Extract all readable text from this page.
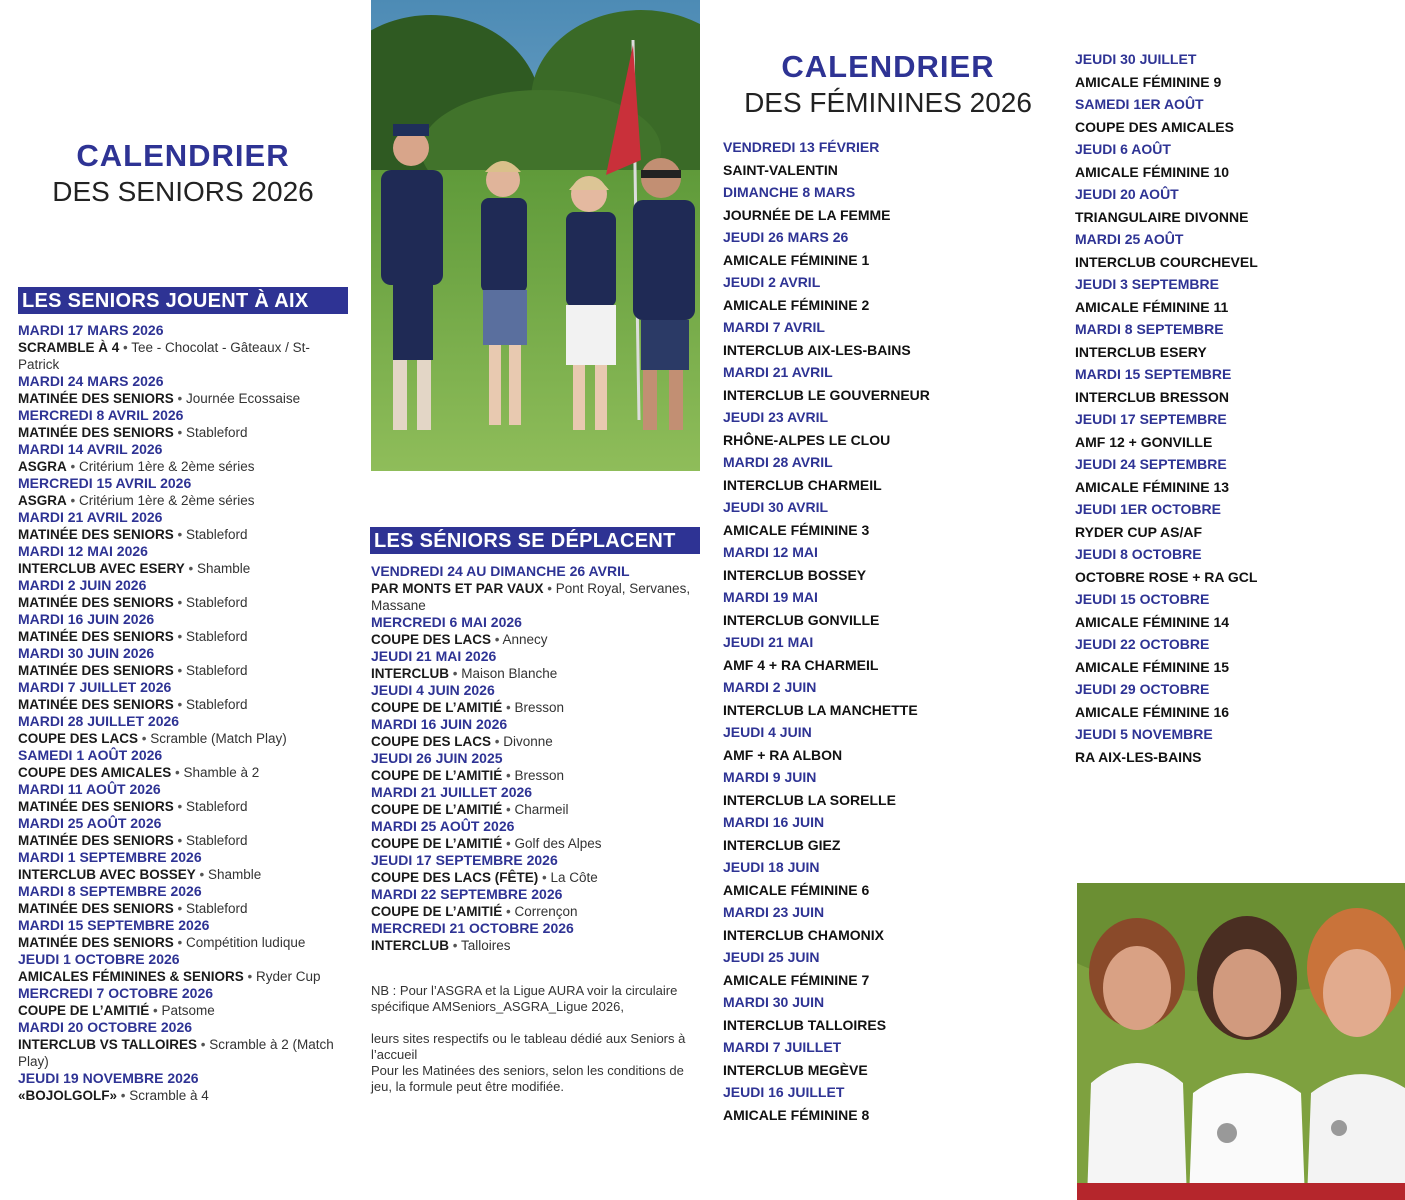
CALENDRIER
DES SENIORS 2026
LES SENIORS JOUENT À AIX
MARDI 17 MARS 2026
SCRAMBLE À 4 • Tee - Chocolat - Gâteaux / St-Patrick
MARDI 24 MARS 2026
MATINÉE DES SENIORS • Journée Ecossaise
MERCREDI 8 AVRIL 2026
MATINÉE DES SENIORS • Stableford
MARDI 14 AVRIL 2026
ASGRA • Critérium 1ère & 2ème séries
MERCREDI 15 AVRIL 2026
ASGRA • Critérium 1ère & 2ème séries
MARDI 21 AVRIL 2026
MATINÉE DES SENIORS • Stableford
MARDI 12 MAI 2026
INTERCLUB AVEC ESERY • Shamble
MARDI 2 JUIN 2026
MATINÉE DES SENIORS • Stableford
MARDI 16 JUIN 2026
MATINÉE DES SENIORS • Stableford
MARDI 30 JUIN 2026
MATINÉE DES SENIORS • Stableford
MARDI 7 JUILLET 2026
MATINÉE DES SENIORS • Stableford
MARDI 28 JUILLET 2026
COUPE DES LACS • Scramble (Match Play)
SAMEDI 1 AOÛT 2026
COUPE DES AMICALES • Shamble à 2
MARDI 11 AOÛT 2026
MATINÉE DES SENIORS • Stableford
MARDI 25 AOÛT 2026
MATINÉE DES SENIORS • Stableford
MARDI 1 SEPTEMBRE 2026
INTERCLUB AVEC BOSSEY • Shamble
MARDI 8 SEPTEMBRE 2026
MATINÉE DES SENIORS • Stableford
MARDI 15 SEPTEMBRE 2026
MATINÉE DES SENIORS • Compétition ludique
JEUDI 1 OCTOBRE 2026
AMICALES FÉMININES & SENIORS • Ryder Cup
MERCREDI 7 OCTOBRE 2026
COUPE DE L’AMITIÉ • Patsome
MARDI 20 OCTOBRE 2026
INTERCLUB VS TALLOIRES • Scramble à 2 (Match Play)
JEUDI 19 NOVEMBRE 2026
«BOJOLGOLF» • Scramble à 4
LES SÉNIORS SE DÉPLACENT
VENDREDI 24 AU DIMANCHE 26 AVRIL
PAR MONTS ET PAR VAUX • Pont Royal, Servanes, Massane
MERCREDI 6 MAI 2026
COUPE DES LACS • Annecy
JEUDI 21 MAI 2026
INTERCLUB • Maison Blanche
JEUDI 4 JUIN 2026
COUPE DE L’AMITIÉ • Bresson
MARDI 16 JUIN 2026
COUPE DES LACS • Divonne
JEUDI 26 JUIN 2025
COUPE DE L’AMITIÉ • Bresson
MARDI 21 JUILLET 2026
COUPE DE L’AMITIÉ • Charmeil
MARDI 25 AOÛT 2026
COUPE DE L’AMITIÉ • Golf des Alpes
JEUDI 17 SEPTEMBRE 2026
COUPE DES LACS (FÊTE) • La Côte
MARDI 22 SEPTEMBRE 2026
COUPE DE L’AMITIÉ • Corrençon
MERCREDI 21 OCTOBRE 2026
INTERCLUB • Talloires
NB : Pour l’ASGRA et la Ligue AURA voir la circulaire spécifique AMSeniors_ASGRA_Ligue 2026,
leurs sites respectifs ou le tableau dédié aux Seniors à l’accueil
Pour les Matinées des seniors, selon les conditions de jeu, la formule peut être modifiée.
CALENDRIER
DES FÉMININES 2026
VENDREDI 13 FÉVRIER
SAINT-VALENTIN
DIMANCHE 8 MARS
JOURNÉE DE LA FEMME
JEUDI 26 MARS 26
AMICALE FÉMININE 1
JEUDI 2 AVRIL
AMICALE FÉMININE 2
MARDI 7 AVRIL
INTERCLUB AIX-LES-BAINS
MARDI 21 AVRIL
INTERCLUB LE GOUVERNEUR
JEUDI 23 AVRIL
RHÔNE-ALPES LE CLOU
MARDI 28 AVRIL
INTERCLUB CHARMEIL
JEUDI 30 AVRIL
AMICALE FÉMININE 3
MARDI 12 MAI
INTERCLUB BOSSEY
MARDI 19 MAI
INTERCLUB GONVILLE
JEUDI 21 MAI
AMF 4 + RA CHARMEIL
MARDI 2 JUIN
INTERCLUB LA MANCHETTE
JEUDI 4 JUIN
AMF + RA ALBON
MARDI 9 JUIN
INTERCLUB LA SORELLE
MARDI 16 JUIN
INTERCLUB GIEZ
JEUDI 18 JUIN
AMICALE FÉMININE 6
MARDI 23 JUIN
INTERCLUB CHAMONIX
JEUDI 25 JUIN
AMICALE FÉMININE 7
MARDI 30 JUIN
INTERCLUB TALLOIRES
MARDI 7 JUILLET
INTERCLUB MEGÈVE
JEUDI 16 JUILLET
AMICALE FÉMININE 8
JEUDI 30 JUILLET
AMICALE FÉMININE 9
SAMEDI 1ER AOÛT
COUPE DES AMICALES
JEUDI 6 AOÛT
AMICALE FÉMININE 10
JEUDI 20 AOÛT
TRIANGULAIRE DIVONNE
MARDI 25 AOÛT
INTERCLUB COURCHEVEL
JEUDI 3 SEPTEMBRE
AMICALE FÉMININE 11
MARDI 8 SEPTEMBRE
INTERCLUB ESERY
MARDI 15 SEPTEMBRE
INTERCLUB BRESSON
JEUDI 17 SEPTEMBRE
AMF 12 + GONVILLE
JEUDI 24 SEPTEMBRE
AMICALE FÉMININE 13
JEUDI 1ER OCTOBRE
RYDER CUP AS/AF
JEUDI 8 OCTOBRE
OCTOBRE ROSE + RA GCL
JEUDI 15 OCTOBRE
AMICALE FÉMININE 14
JEUDI 22 OCTOBRE
AMICALE FÉMININE 15
JEUDI 29 OCTOBRE
AMICALE FÉMININE 16
JEUDI 5 NOVEMBRE
RA AIX-LES-BAINS
